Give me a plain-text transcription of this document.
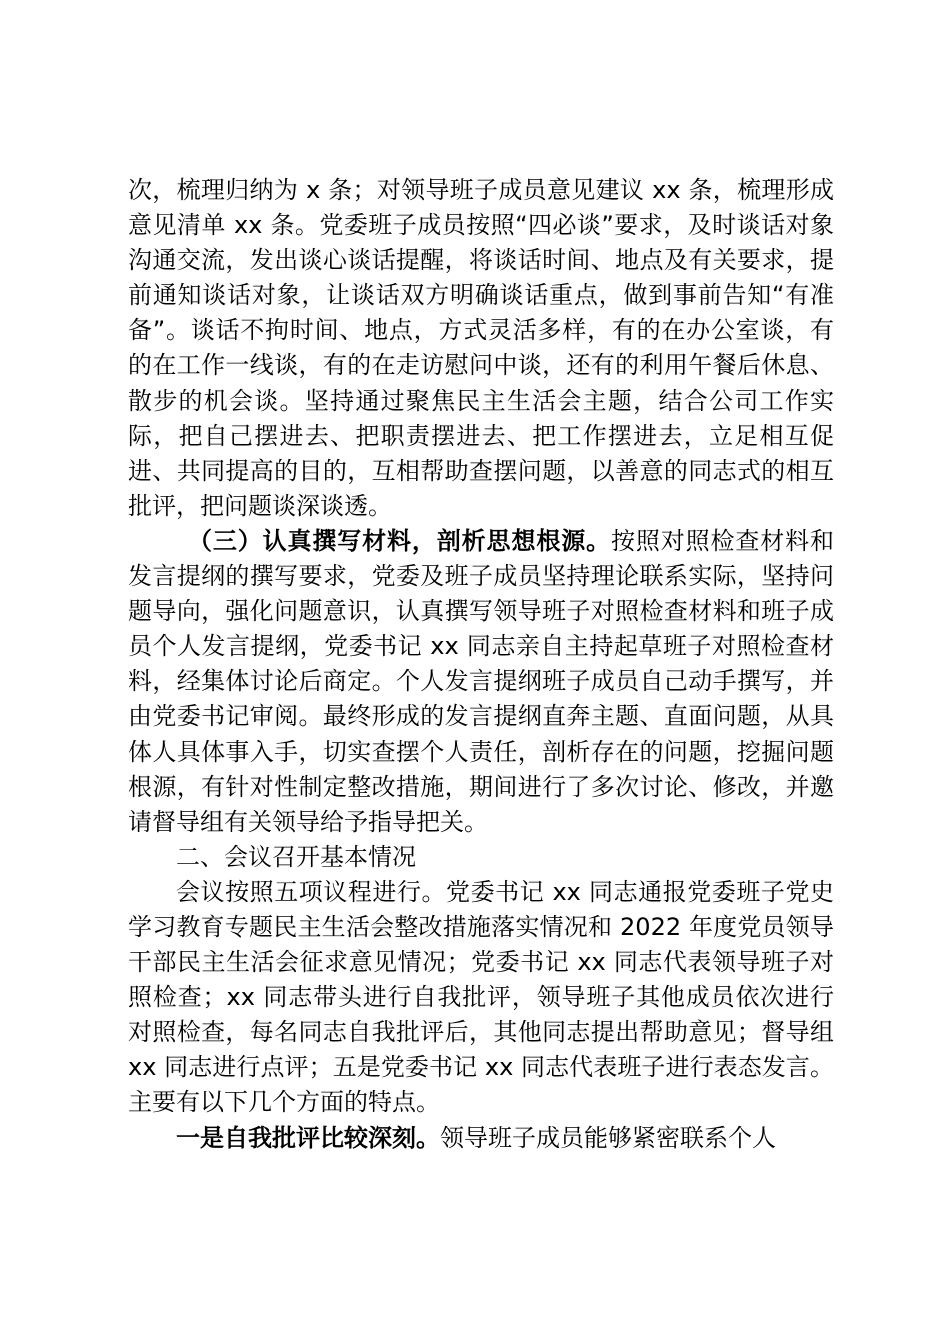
次，梳理归纳为 x 条；对领导班子成员意见建议 xx 条，梳理形成意见清单 xx 条。党委班子成员按照“四必谈”要求，及时谈话对象沟通交流，发出谈心谈话提醒，将谈话时间、地点及有关要求，提前通知谈话对象，让谈话双方明确谈话重点，做到事前告知“有准备”。谈话不拘时间、地点，方式灵活多样，有的在办公室谈，有的在工作一线谈，有的在走访慰问中谈，还有的利用午餐后休息、散步的机会谈。坚持通过聚焦民主生活会主题，结合公司工作实际，把自己摆进去、把职责摆进去、把工作摆进去，立足相互促进、共同提高的目的，互相帮助查摆问题，以善意的同志式的相互批评，把问题谈深谈透。

（三）认真撰写材料，剖析思想根源。按照对照检查材料和发言提纲的撰写要求，党委及班子成员坚持理论联系实际，坚持问题导向，强化问题意识，认真撰写领导班子对照检查材料和班子成员个人发言提纲，党委书记 xx 同志亲自主持起草班子对照检查材料，经集体讨论后商定。个人发言提纲班子成员自己动手撰写，并由党委书记审阅。最终形成的发言提纲直奔主题、直面问题，从具体人具体事入手，切实查摆个人责任，剖析存在的问题，挖掘问题根源，有针对性制定整改措施，期间进行了多次讨论、修改，并邀请督导组有关领导给予指导把关。

二、会议召开基本情况

会议按照五项议程进行。党委书记 xx 同志通报党委班子党史学习教育专题民主生活会整改措施落实情况和 2022 年度党员领导干部民主生活会征求意见情况；党委书记 xx 同志代表领导班子对照检查；xx 同志带头进行自我批评，领导班子其他成员依次进行对照检查，每名同志自我批评后，其他同志提出帮助意见；督导组 xx 同志进行点评；五是党委书记 xx 同志代表班子进行表态发言。主要有以下几个方面的特点。

一是自我批评比较深刻。领导班子成员能够紧密联系个人
